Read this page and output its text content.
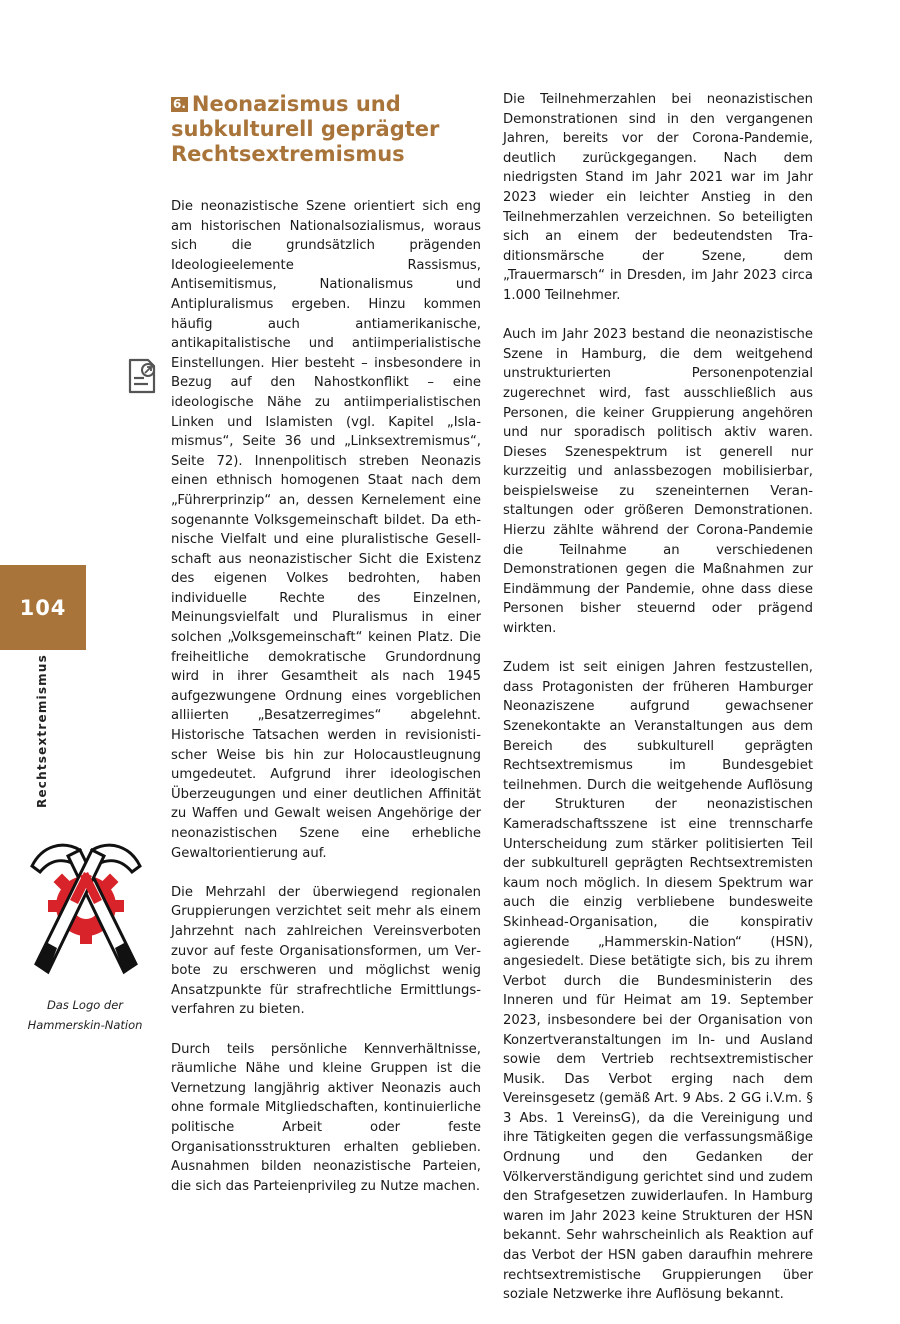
104
Rechtsextremismus
Das Logo der Hammerskin-Nation
6. Neonazismus und subkulturell geprägter Rechtsextremismus

Die neonazistische Szene orientiert sich eng am historischen Nationalsozialismus, woraus sich die grundsätzlich prägenden Ideologieelemente Rassismus, Antisemitismus, Nationalismus und Antipluralismus ergeben. Hinzu kommen häufig auch antiamerikanische, antikapitalistische und antiimperialistische Einstellungen. Hier besteht – insbesondere in Bezug auf den Nahostkonflikt – eine ideologische Nähe zu antiimperialistischen Linken und Islamisten (vgl. Kapitel „Islamismus“, Seite 36 und „Linksextremismus“, Seite 72). Innenpolitisch streben Neonazis einen ethnisch homogenen Staat nach dem „Führerprinzip“ an, dessen Kernelement eine sogenannte Volksgemeinschaft bildet. Da ethnische Vielfalt und eine pluralistische Gesellschaft aus neonazistischer Sicht die Existenz des eigenen Volkes bedrohten, haben individuelle Rechte des Einzelnen, Meinungsvielfalt und Pluralismus in einer solchen „Volksgemeinschaft“ keinen Platz. Die freiheitliche demokratische Grundordnung wird in ihrer Gesamtheit als nach 1945 aufgezwungene Ordnung eines vorgeblichen alliierten „Besatzerregimes“ abgelehnt. Historische Tatsachen werden in revisionistischer Weise bis hin zur Holocaustleugnung umgedeutet. Aufgrund ihrer ideologischen Überzeugungen und einer deutlichen Affinität zu Waffen und Gewalt weisen Angehörige der neonazistischen Szene eine erhebliche Gewaltorientierung auf.

Die Mehrzahl der überwiegend regionalen Gruppierungen verzichtet seit mehr als einem Jahrzehnt nach zahlreichen Vereinsverboten zuvor auf feste Organisationsformen, um Verbote zu erschweren und möglichst wenig Ansatzpunkte für strafrechtliche Ermittlungsverfahren zu bieten.

Durch teils persönliche Kennverhältnisse, räumliche Nähe und kleine Gruppen ist die Vernetzung langjährig aktiver Neonazis auch ohne formale Mitgliedschaften, kontinuierliche politische Arbeit oder feste Organisationsstrukturen erhalten geblieben. Ausnahmen bilden neonazistische Parteien, die sich das Parteienprivileg zu Nutze machen.

Die Teilnehmerzahlen bei neonazistischen Demonstrationen sind in den vergangenen Jahren, bereits vor der Corona-Pandemie, deutlich zurückgegangen. Nach dem niedrigsten Stand im Jahr 2021 war im Jahr 2023 wieder ein leichter Anstieg in den Teilnehmerzahlen verzeichnen. So beteiligten sich an einem der bedeutendsten Traditionsmärsche der Szene, dem „Trauermarsch“ in Dresden, im Jahr 2023 circa 1.000 Teilnehmer.

Auch im Jahr 2023 bestand die neonazistische Szene in Hamburg, die dem weitgehend unstrukturierten Personenpotenzial zugerechnet wird, fast ausschließlich aus Personen, die keiner Gruppierung angehören und nur sporadisch politisch aktiv waren. Dieses Szenespektrum ist generell nur kurzzeitig und anlassbezogen mobilisierbar, beispielsweise zu szeneinternen Veranstaltungen oder größeren Demonstrationen. Hierzu zählte während der Corona-Pandemie die Teilnahme an verschiedenen Demonstrationen gegen die Maßnahmen zur Eindämmung der Pandemie, ohne dass diese Personen bisher steuernd oder prägend wirkten.

Zudem ist seit einigen Jahren festzustellen, dass Protagonisten der früheren Hamburger Neonaziszene aufgrund gewachsener Szenekontakte an Veranstaltungen aus dem Bereich des subkulturell geprägten Rechtsextremismus im Bundesgebiet teilnehmen. Durch die weitgehende Auflösung der Strukturen der neonazistischen Kameradschaftsszene ist eine trennscharfe Unterscheidung zum stärker politisierten Teil der subkulturell geprägten Rechtsextremisten kaum noch möglich. In diesem Spektrum war auch die einzig verbliebene bundesweite Skinhead-Organisation, die konspirativ agierende „Hammerskin-Nation“ (HSN), angesiedelt. Diese betätigte sich, bis zu ihrem Verbot durch die Bundesministerin des Inneren und für Heimat am 19. September 2023, insbesondere bei der Organisation von Konzertveranstaltungen im In- und Ausland sowie dem Vertrieb rechtsextremistischer Musik. Das Verbot erging nach dem Vereinsgesetz (gemäß Art. 9 Abs. 2 GG i.V.m. § 3 Abs. 1 VereinsG), da die Vereinigung und ihre Tätigkeiten gegen die verfassungsmäßige Ordnung und den Gedanken der Völkerverständigung gerichtet sind und zudem den Strafgesetzen zuwiderlaufen. In Hamburg waren im Jahr 2023 keine Strukturen der HSN bekannt. Sehr wahrscheinlich als Reaktion auf das Verbot der HSN gaben daraufhin mehrere rechtsextremistische Gruppierungen über soziale Netzwerke ihre Auflösung bekannt.
